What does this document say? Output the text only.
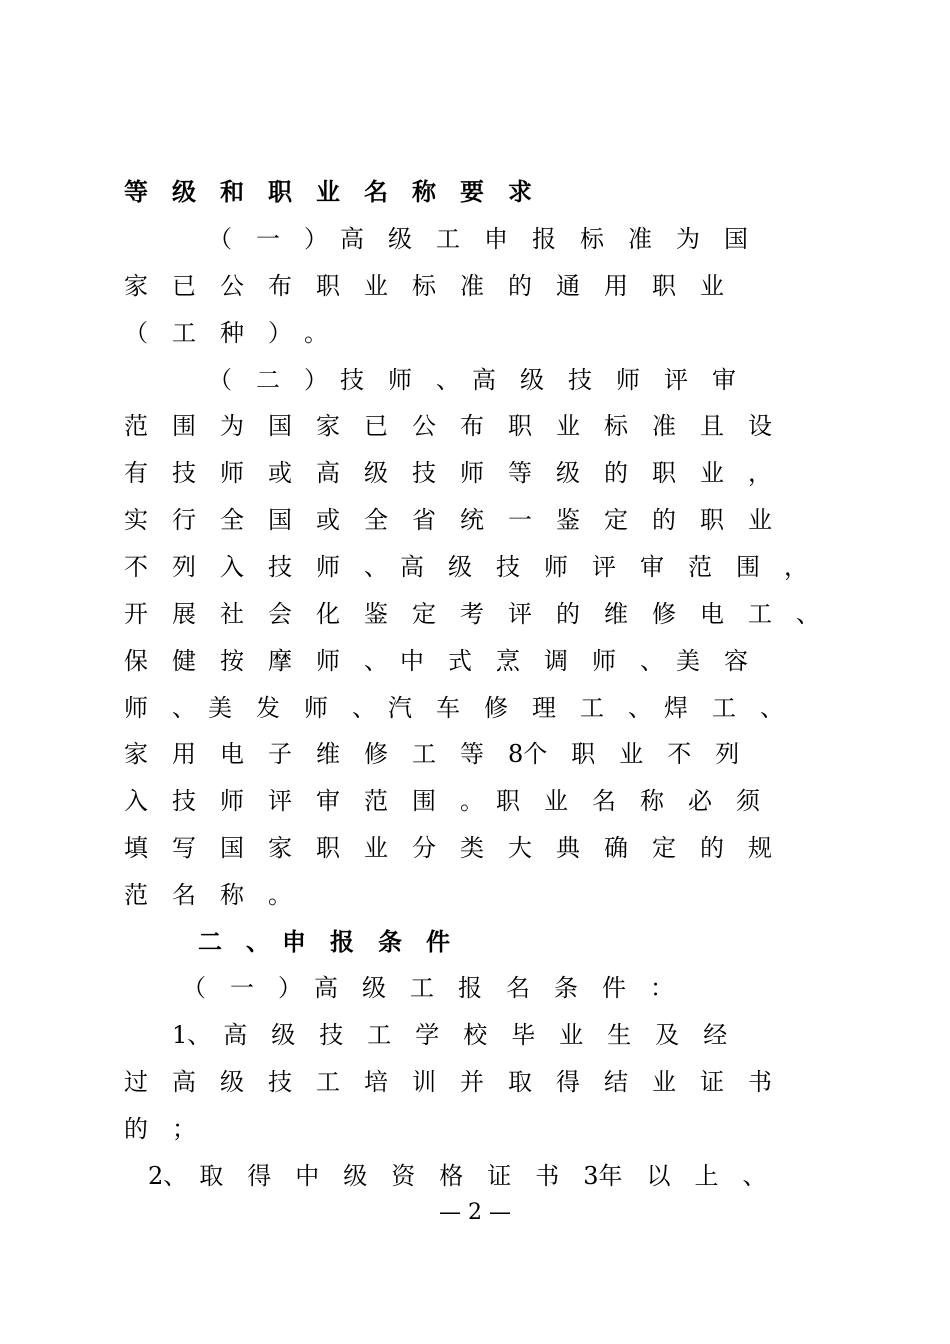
等　级　和　职　业　名　称　要　求
（　一　）　高　级　工　申　报　标　准　为　国
家　已　公　布　职　业　标　准　的　通　用　职　业
（　工　种　）　。
（　二　）　技　师　、　高　级　技　师　评　审
范　围　为　国　家　已　公　布　职　业　标　准　且　设
有　技　师　或　高　级　技　师　等　级　的　职　业　，
实　行　全　国　或　全　省　统　一　鉴　定　的　职　业
不　列　入　技　师　、　高　级　技　师　评　审　范　围　，
开　展　社　会　化　鉴　定　考　评　的　维　修　电　工　、
保　健　按　摩　师　、　中　式　烹　调　师　、　美　容
师　、　美　发　师　、　汽　车　修　理　工　、　焊　工　、
家　用　电　子　维　修　工　等　8个　职　业　不　列
入　技　师　评　审　范　围　。　职　业　名　称　必　须
填　写　国　家　职　业　分　类　大　典　确　定　的　规
范　名　称　。
二　、　申　报　条　件
（　一　）　高　级　工　报　名　条　件　：
1、　高　级　技　工　学　校　毕　业　生　及　经
过　高　级　技　工　培　训　并　取　得　结　业　证　书
的　；
2、　取　得　中　级　资　格　证　书　3年　以　上　、
— 2 —
